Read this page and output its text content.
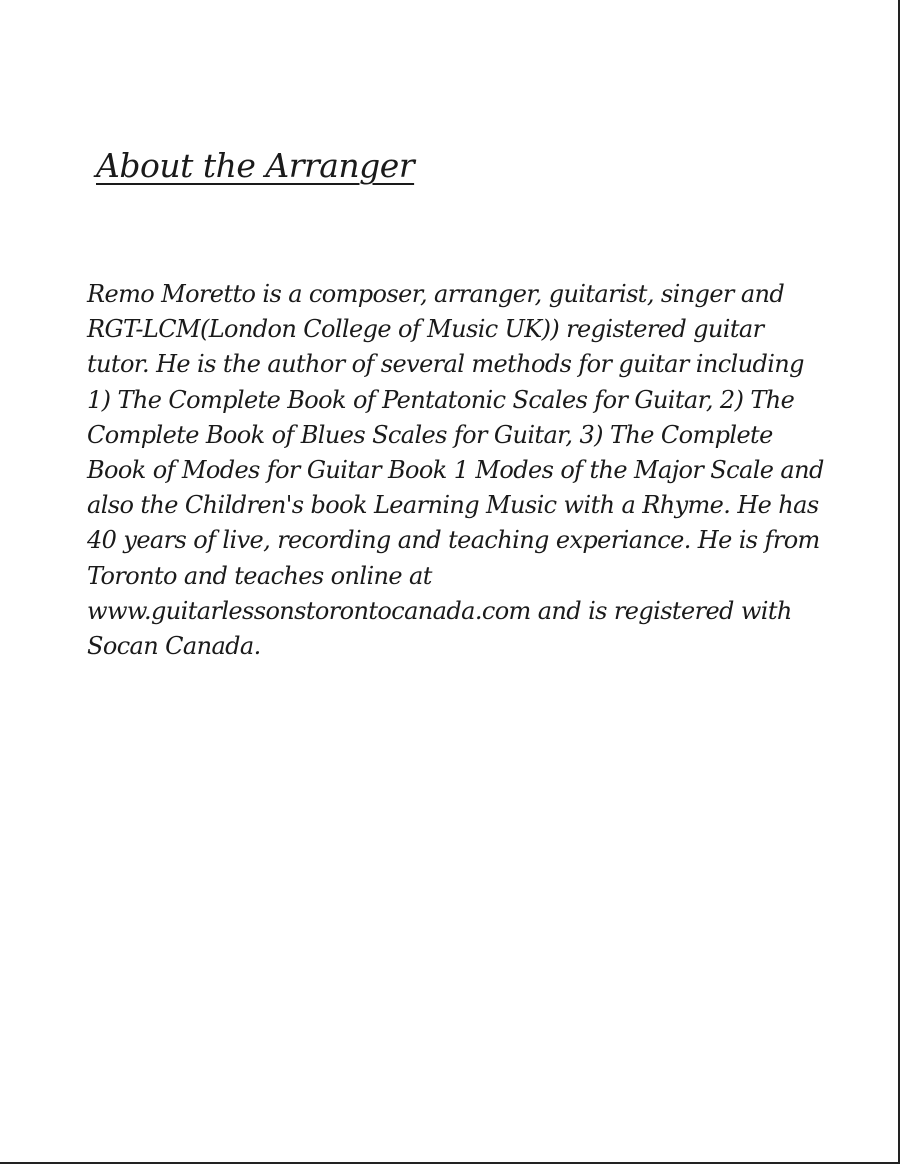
About the Arranger

Remo Moretto is a composer, arranger, guitarist, singer and
RGT-LCM(London College of Music UK)) registered guitar
tutor. He is the author of several methods for guitar including
1) The Complete Book of Pentatonic Scales for Guitar, 2) The
Complete Book of Blues Scales for Guitar, 3) The Complete
Book of Modes for Guitar Book 1 Modes of the Major Scale and
also the Children's book Learning Music with a Rhyme. He has
40 years of live, recording and teaching experiance. He is from
Toronto and teaches online at
www.guitarlessonstorontocanada.com and is registered with
Socan Canada.
